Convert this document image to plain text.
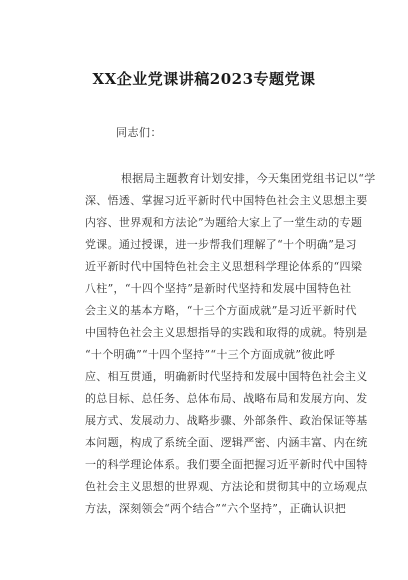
XX企业党课讲稿2023专题党课
同志们：
根据局主题教育计划安排，今天集团党组书记以“学
深、悟透、掌握习近平新时代中国特色社会主义思想主要
内容、世界观和方法论”为题给大家上了一堂生动的专题
党课。通过授课，进一步帮我们理解了“十个明确”是习
近平新时代中国特色社会主义思想科学理论体系的“四梁
八柱”，“十四个坚持”是新时代坚持和发展中国特色社
会主义的基本方略，“十三个方面成就”是习近平新时代
中国特色社会主义思想指导的实践和取得的成就。特别是
“十个明确”“十四个坚持”“十三个方面成就”彼此呼
应、相互贯通，明确新时代坚持和发展中国特色社会主义
的总目标、总任务、总体布局、战略布局和发展方向、发
展方式、发展动力、战略步骤、外部条件、政治保证等基
本问题，构成了系统全面、逻辑严密、内涵丰富、内在统
一的科学理论体系。我们要全面把握习近平新时代中国特
色社会主义思想的世界观、方法论和贯彻其中的立场观点
方法，深刻领会“两个结合”“六个坚持”，正确认识把
